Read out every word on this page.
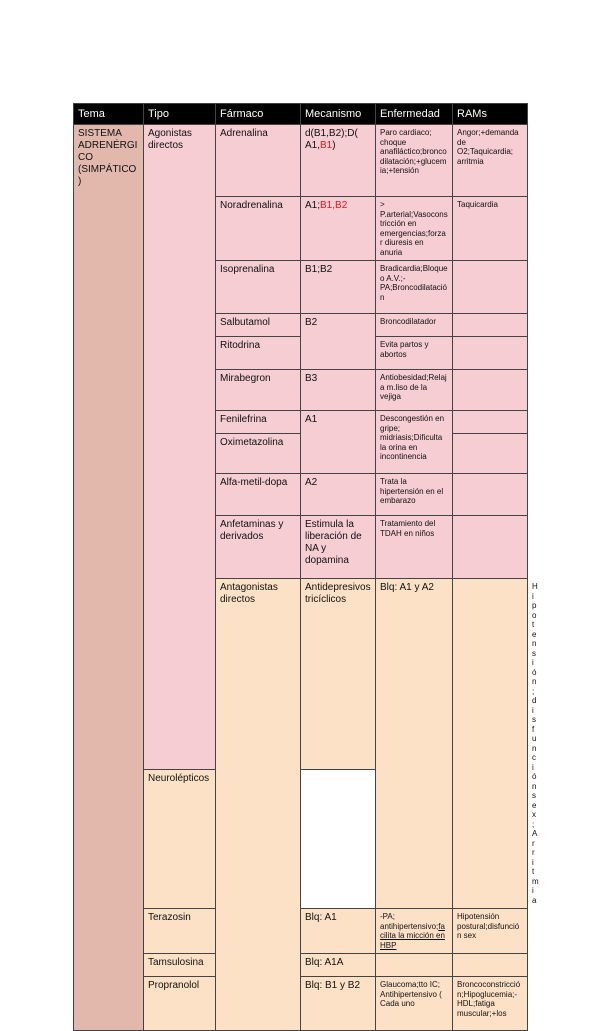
Tema	Tipo	Fármaco	Mecanismo	Enfermedad	RAMs	
SISTEMA ADRENÉRGICO (SIMPÁTICO)	Agonistas directos	Adrenalina	d(B1,B2);D( A1,B1)	Paro cardiaco; choque anafiláctico;broncodilatación;+glucemia;+tensión	Angor;+demanda de O2;Taquicardia; arritmia	
		Noradrenalina	A1;B1,B2	> P.arterial;Vasoconstricción en emergencias;forzar diuresis en anuria	Taquicardia	
		Isoprenalina	B1;B2	Bradicardia;Bloqueo A.V.;-PA;Broncodilatación		
		Salbutamol	B2	Broncodilatador		
		Ritodrina		Evita partos y abortos		
		Mirabegron	B3	Antiobesidad;Relaja m.liso de la vejiga		
		Fenilefrina	A1	Descongestión en gripe; midriasis;Dificulta la orina en incontinencia		
		Oximetazolina				
		Alfa-metil-dopa	A2	Trata la hipertensión en el embarazo		
		Anfetaminas y derivados	Estimula la liberación de NA y dopamina	Tratamiento del TDAH en niños		
		Antagonistas directos	Antidepresivos tricíclicos	Blq: A1 y A2		Hipotensión; disfunción sex;Arritmia
	Neurolépticos					
	Terazosin		Blq: A1	-PA; antihipertensivo;facilita la micción en HBP	Hipotensión postural;disfunción sex	
	Tamsulosina		Blq: A1A			
	Propranolol		Blq: B1 y B2	Glaucoma;tto IC; Antihipertensivo ( Cada uno	Broncoconstricción;Hipoglucemia;-HDL;fatiga muscular;+los	
